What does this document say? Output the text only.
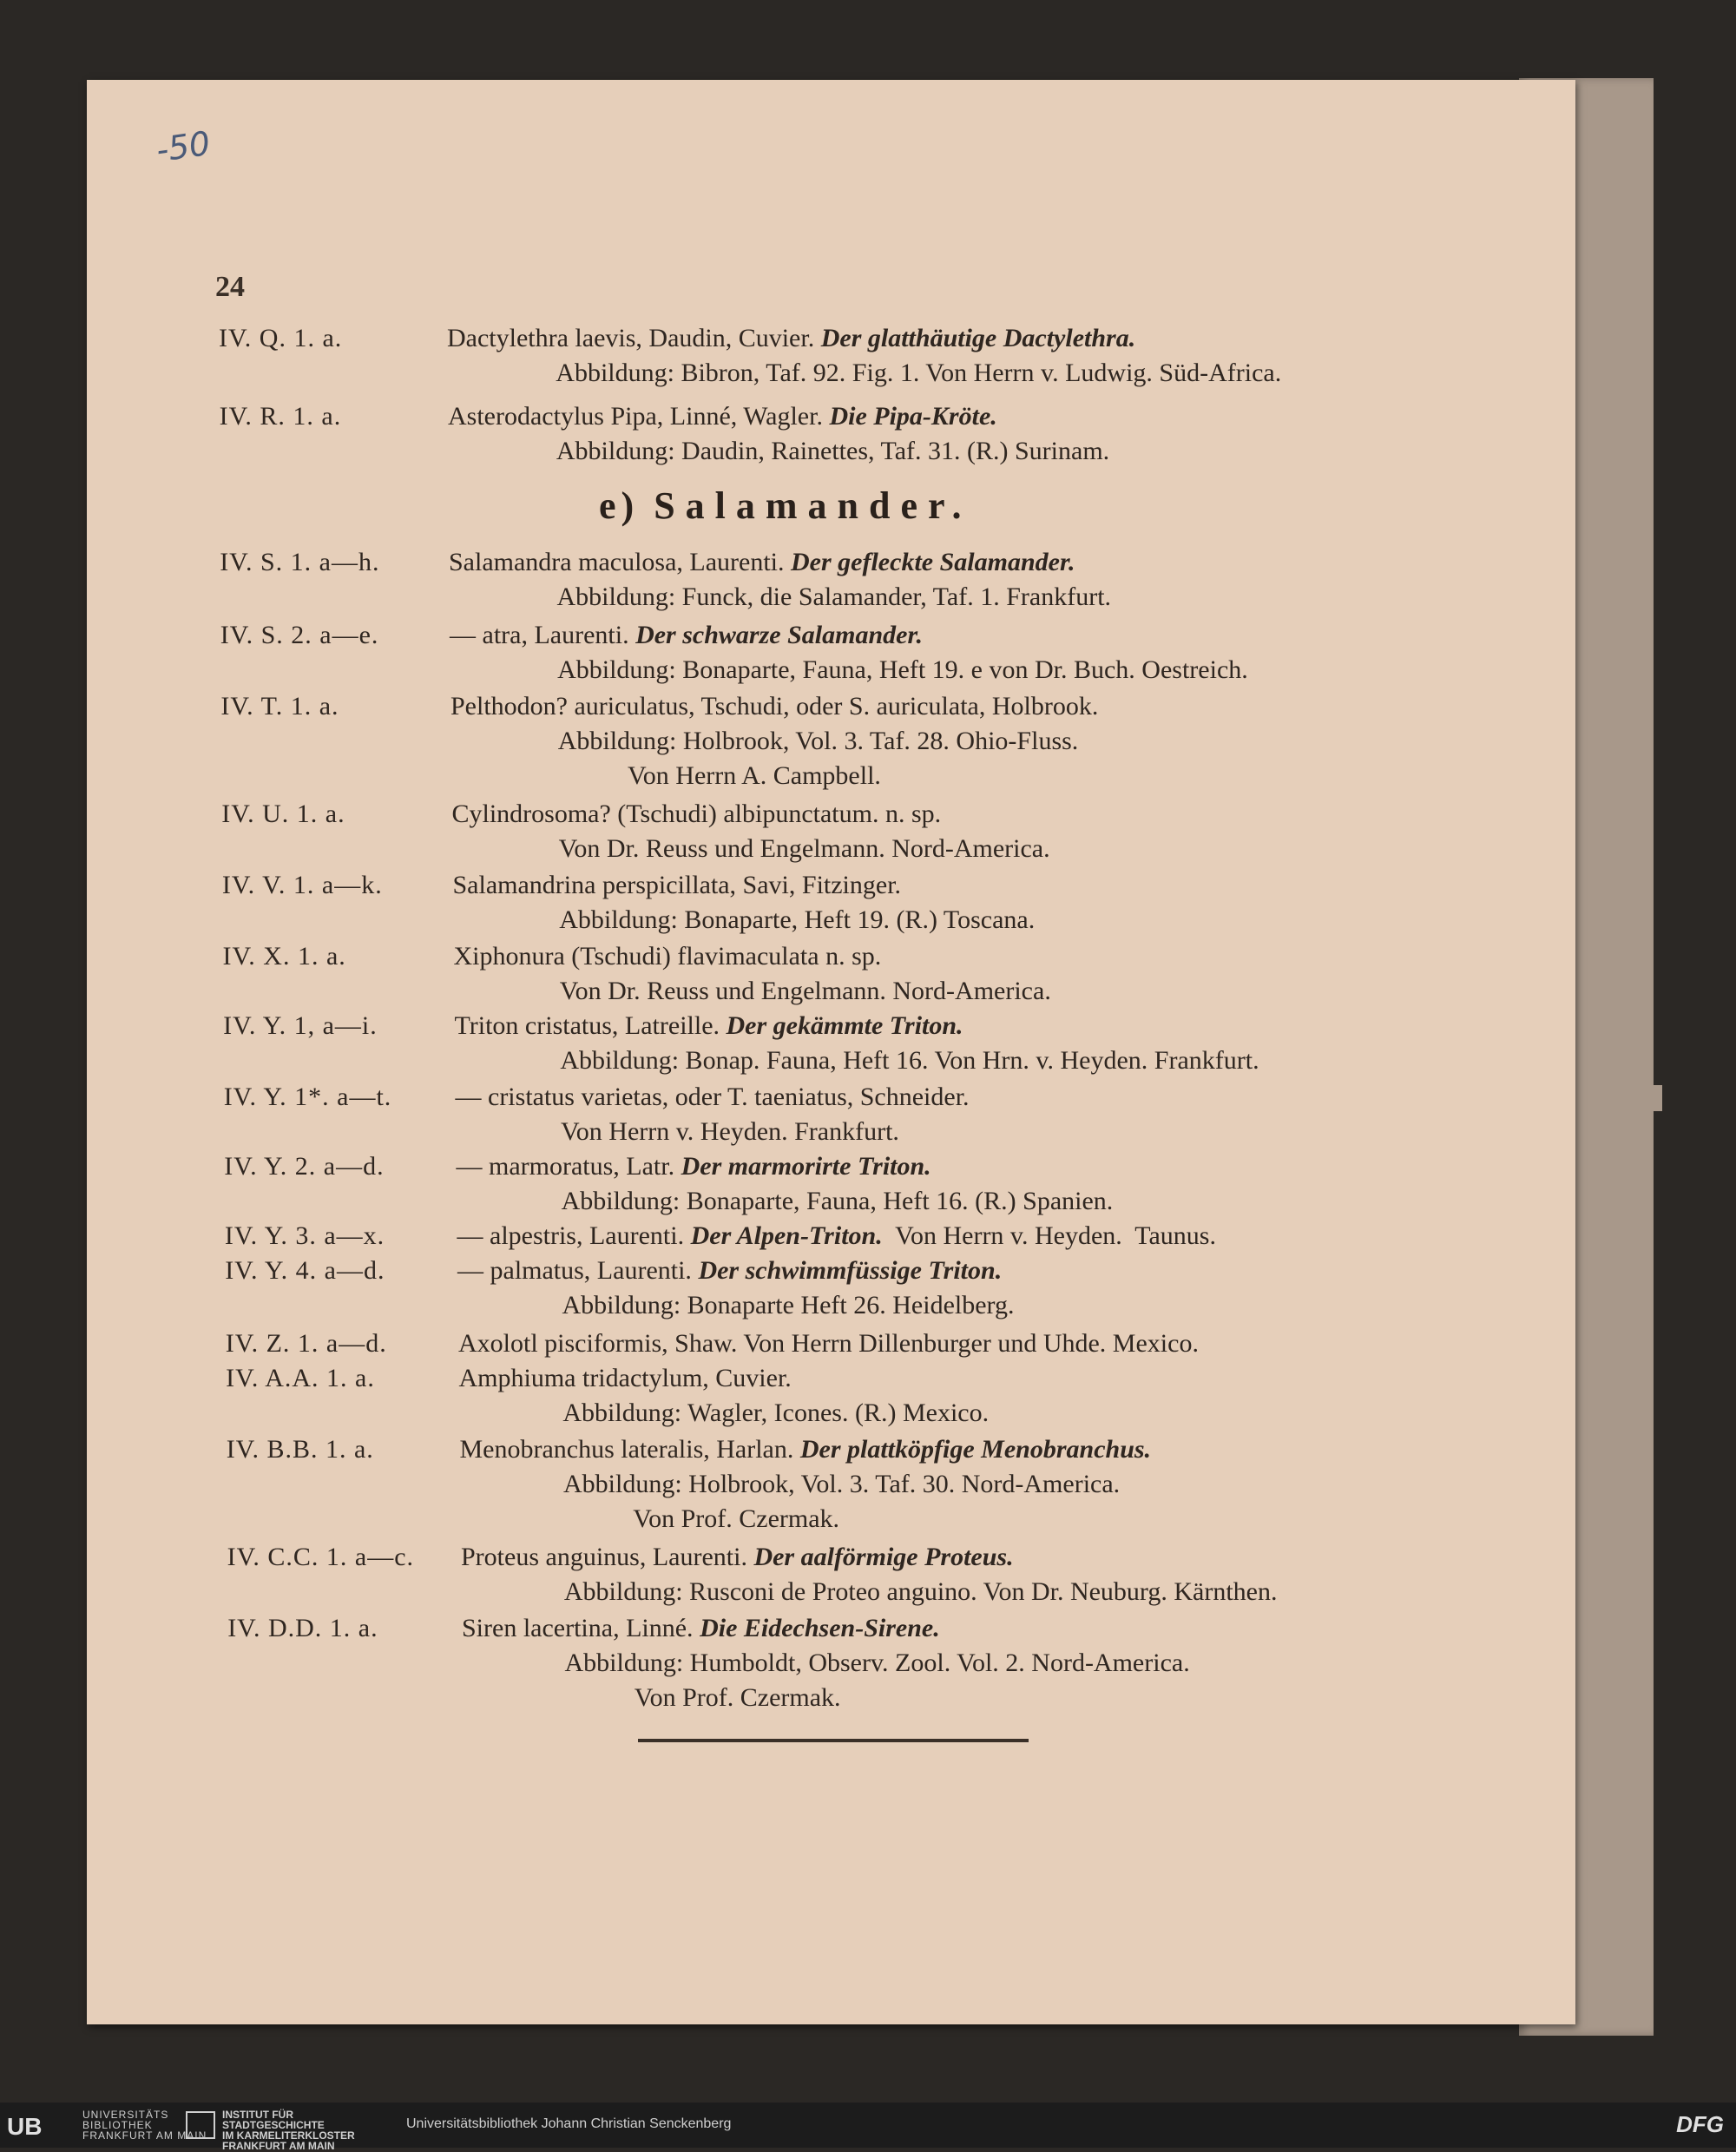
-50
24
e) Salamander.
IV. Q. 1. a.	Dactylethra laevis, Daudin, Cuvier. Der glatthäutige Dactylethra.
Abbildung: Bibron, Taf. 92. Fig. 1. Von Herrn v. Ludwig. Süd-Africa.
IV. R. 1. a.	Asterodactylus Pipa, Linné, Wagler. Die Pipa-Kröte.
Abbildung: Daudin, Rainettes, Taf. 31. (R.) Surinam.
IV. S. 1. a—h.	Salamandra maculosa, Laurenti. Der gefleckte Salamander.
Abbildung: Funck, die Salamander, Taf. 1. Frankfurt.
IV. S. 2. a—e.	— atra, Laurenti. Der schwarze Salamander.
Abbildung: Bonaparte, Fauna, Heft 19. e von Dr. Buch. Oestreich.
IV. T. 1. a.	Pelthodon? auriculatus, Tschudi, oder S. auriculata, Holbrook.
Abbildung: Holbrook, Vol. 3. Taf. 28. Ohio-Fluss.
Von Herrn A. Campbell.
IV. U. 1. a.	Cylindrosoma? (Tschudi) albipunctatum. n. sp.
Von Dr. Reuss und Engelmann. Nord-America.
IV. V. 1. a—k.	Salamandrina perspicillata, Savi, Fitzinger.
Abbildung: Bonaparte, Heft 19. (R.) Toscana.
IV. X. 1. a.	Xiphonura (Tschudi) flavimaculata n. sp.
Von Dr. Reuss und Engelmann. Nord-America.
IV. Y. 1, a—i.	Triton cristatus, Latreille. Der gekämmte Triton.
Abbildung: Bonap. Fauna, Heft 16. Von Hrn. v. Heyden. Frankfurt.
IV. Y. 1*. a—t. — cristatus varietas, oder T. taeniatus, Schneider.
Von Herrn v. Heyden. Frankfurt.
IV. Y. 2. a—d.	— marmoratus, Latr. Der marmorirte Triton.
Abbildung: Bonaparte, Fauna, Heft 16. (R.) Spanien.
IV. Y. 3. a—x.	— alpestris, Laurenti. Der Alpen-Triton.  Von Herrn v. Heyden.  Taunus.
IV. Y. 4. a—d.	— palmatus, Laurenti. Der schwimmfüssige Triton.
Abbildung: Bonaparte Heft 26. Heidelberg.
IV. Z. 1. a—d.	Axolotl pisciformis, Shaw. Von Herrn Dillenburger und Uhde. Mexico.
IV. A.A. 1. a.	Amphiuma tridactylum, Cuvier.
Abbildung: Wagler, Icones. (R.) Mexico.
IV. B.B. 1. a.	Menobranchus lateralis, Harlan. Der plattköpfige Menobranchus.
Abbildung: Holbrook, Vol. 3. Taf. 30. Nord-America.
Von Prof. Czermak.
IV. C.C. 1. a—c. Proteus anguinus, Laurenti. Der aalförmige Proteus.
Abbildung: Rusconi de Proteo anguino. Von Dr. Neuburg. Kärnthen.
IV. D.D. 1. a.	Siren lacertina, Linné. Die Eidechsen-Sirene.
Abbildung: Humboldt, Observ. Zool. Vol. 2. Nord-America.
Von Prof. Czermak.
UB	UNIVERSITÄTS
BIBLIOTHEK
FRANKFURT AM MAIN
INSTITUT FÜR
STADTGESCHICHTE
IM KARMELITERKLOSTER
FRANKFURT AM MAIN
Universitätsbibliothek Johann Christian Senckenberg	DFG
